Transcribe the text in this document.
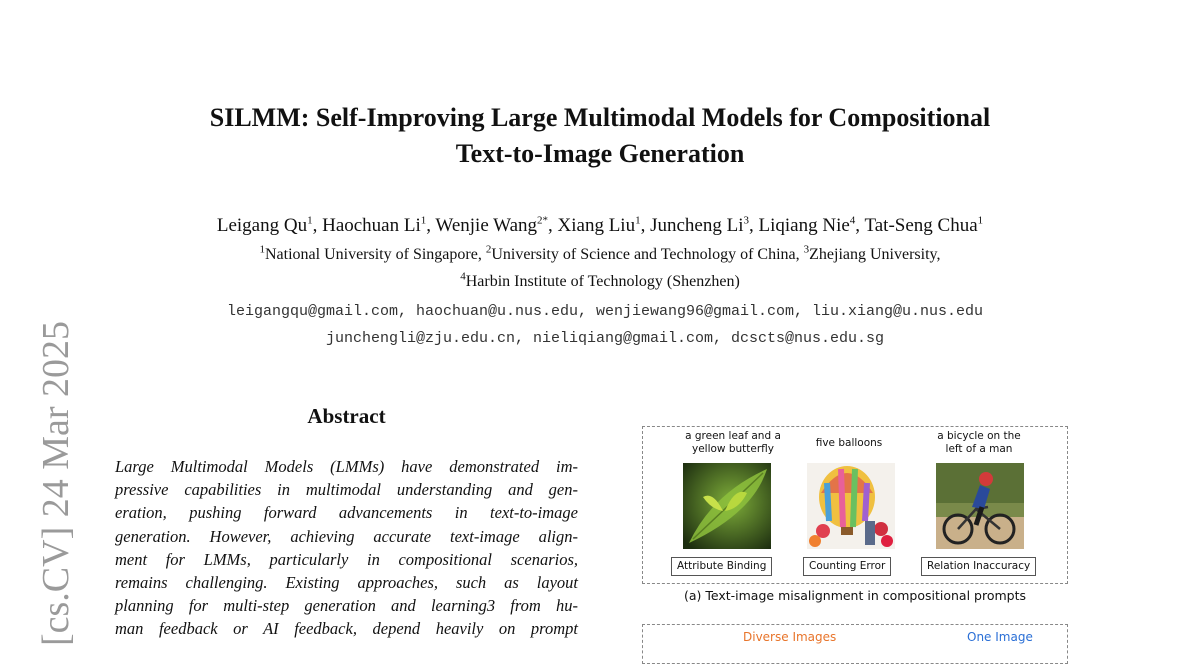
[cs.CV] 24 Mar 2025
SILMM: Self-Improving Large Multimodal Models for Compositional
Text-to-Image Generation
Leigang Qu$^1$, Haochuan Li$^1$, Wenjie Wang$^{2*}$, Xiang Liu$^1$, Juncheng Li$^3$, Liqiang Nie$^4$, Tat-Seng Chua$^1$
$^1$National University of Singapore, $^2$University of Science and Technology of China, $^3$Zhejiang University,
$^4$Harbin Institute of Technology (Shenzhen)
leigangqu@gmail.com, haochuan@u.nus.edu, wenjiewang96@gmail.com, liu.xiang@u.nus.edu
junchengli@zju.edu.cn, nieliqiang@gmail.com, dcscts@nus.edu.sg
Abstract
Large Multimodal Models (LMMs) have demonstrated im-
pressive capabilities in multimodal understanding and gen-
eration, pushing forward advancements in text-to-image
generation. However, achieving accurate text-image align-
ment for LMMs, particularly in compositional scenarios,
remains challenging. Existing approaches, such as layout
planning for multi-step generation and learning3 from hu-
man feedback or AI feedback, depend heavily on prompt
a green leaf and a
yellow butterfly
Attribute Binding
five balloons
Counting Error
a bicycle on the
left of a man
Relation Inaccuracy
(a) Text-image misalignment in compositional prompts
Diverse Images	One Image
